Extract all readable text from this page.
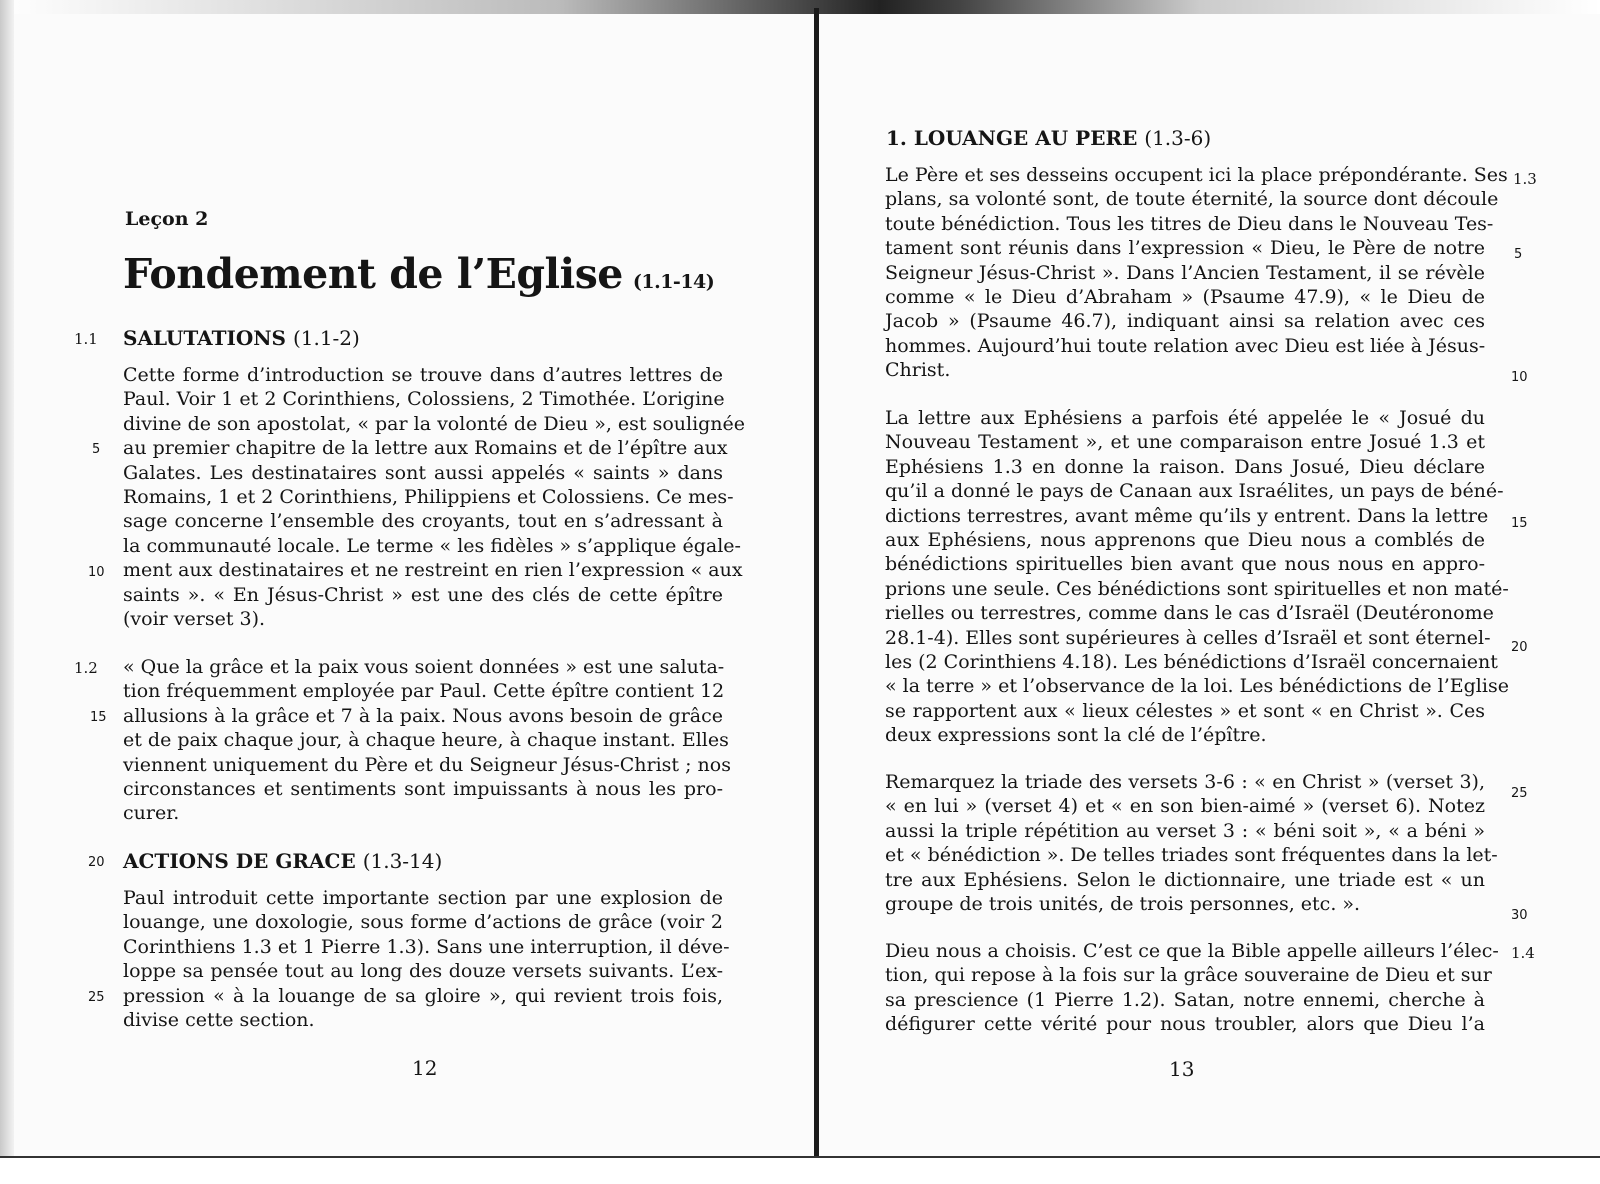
Leçon 2
Fondement de l’Eglise (1.1-14)
1.1 SALUTATIONS (1.1-2)
Cette forme d’introduction se trouve dans d’autres lettres de
Paul. Voir 1 et 2 Corinthiens, Colossiens, 2 Timothée. L’origine
divine de son apostolat, « par la volonté de Dieu », est soulignée
au premier chapitre de la lettre aux Romains et de l’épître aux
Galates. Les destinataires sont aussi appelés « saints » dans
Romains, 1 et 2 Corinthiens, Philippiens et Colossiens. Ce mes-
sage concerne l’ensemble des croyants, tout en s’adressant à
la communauté locale. Le terme « les fidèles » s’applique égale-
ment aux destinataires et ne restreint en rien l’expression « aux
saints ». « En Jésus-Christ » est une des clés de cette épître
(voir verset 3).
5
10
1.2 « Que la grâce et la paix vous soient données » est une saluta-
tion fréquemment employée par Paul. Cette épître contient 12
allusions à la grâce et 7 à la paix. Nous avons besoin de grâce
et de paix chaque jour, à chaque heure, à chaque instant. Elles
viennent uniquement du Père et du Seigneur Jésus-Christ ; nos
circonstances et sentiments sont impuissants à nous les pro-
curer.
15
20 ACTIONS DE GRACE (1.3-14)
Paul introduit cette importante section par une explosion de
louange, une doxologie, sous forme d’actions de grâce (voir 2
Corinthiens 1.3 et 1 Pierre 1.3). Sans une interruption, il déve-
loppe sa pensée tout au long des douze versets suivants. L’ex-
pression « à la louange de sa gloire », qui revient trois fois,
divise cette section.
25
12
1. LOUANGE AU PERE (1.3-6)
Le Père et ses desseins occupent ici la place prépondérante. Ses
plans, sa volonté sont, de toute éternité, la source dont découle
toute bénédiction. Tous les titres de Dieu dans le Nouveau Tes-
tament sont réunis dans l’expression « Dieu, le Père de notre
Seigneur Jésus-Christ ». Dans l’Ancien Testament, il se révèle
comme « le Dieu d’Abraham » (Psaume 47.9), « le Dieu de
Jacob » (Psaume 46.7), indiquant ainsi sa relation avec ces
hommes. Aujourd’hui toute relation avec Dieu est liée à Jésus-
Christ.
La lettre aux Ephésiens a parfois été appelée le « Josué du
Nouveau Testament », et une comparaison entre Josué 1.3 et
Ephésiens 1.3 en donne la raison. Dans Josué, Dieu déclare
qu’il a donné le pays de Canaan aux Israélites, un pays de béné-
dictions terrestres, avant même qu’ils y entrent. Dans la lettre
aux Ephésiens, nous apprenons que Dieu nous a comblés de
bénédictions spirituelles bien avant que nous nous en appro-
prions une seule. Ces bénédictions sont spirituelles et non maté-
rielles ou terrestres, comme dans le cas d’Israël (Deutéronome
28.1-4). Elles sont supérieures à celles d’Israël et sont éternel-
les (2 Corinthiens 4.18). Les bénédictions d’Israël concernaient
« la terre » et l’observance de la loi. Les bénédictions de l’Eglise
se rapportent aux « lieux célestes » et sont « en Christ ». Ces
deux expressions sont la clé de l’épître.
Remarquez la triade des versets 3-6 : « en Christ » (verset 3),
« en lui » (verset 4) et « en son bien-aimé » (verset 6). Notez
aussi la triple répétition au verset 3 : « béni soit », « a béni »
et « bénédiction ». De telles triades sont fréquentes dans la let-
tre aux Ephésiens. Selon le dictionnaire, une triade est « un
groupe de trois unités, de trois personnes, etc. ».
Dieu nous a choisis. C’est ce que la Bible appelle ailleurs l’élec-
tion, qui repose à la fois sur la grâce souveraine de Dieu et sur
sa prescience (1 Pierre 1.2). Satan, notre ennemi, cherche à
défigurer cette vérité pour nous troubler, alors que Dieu l’a
1.3
5
10
15
20
25
30
1.4
13
